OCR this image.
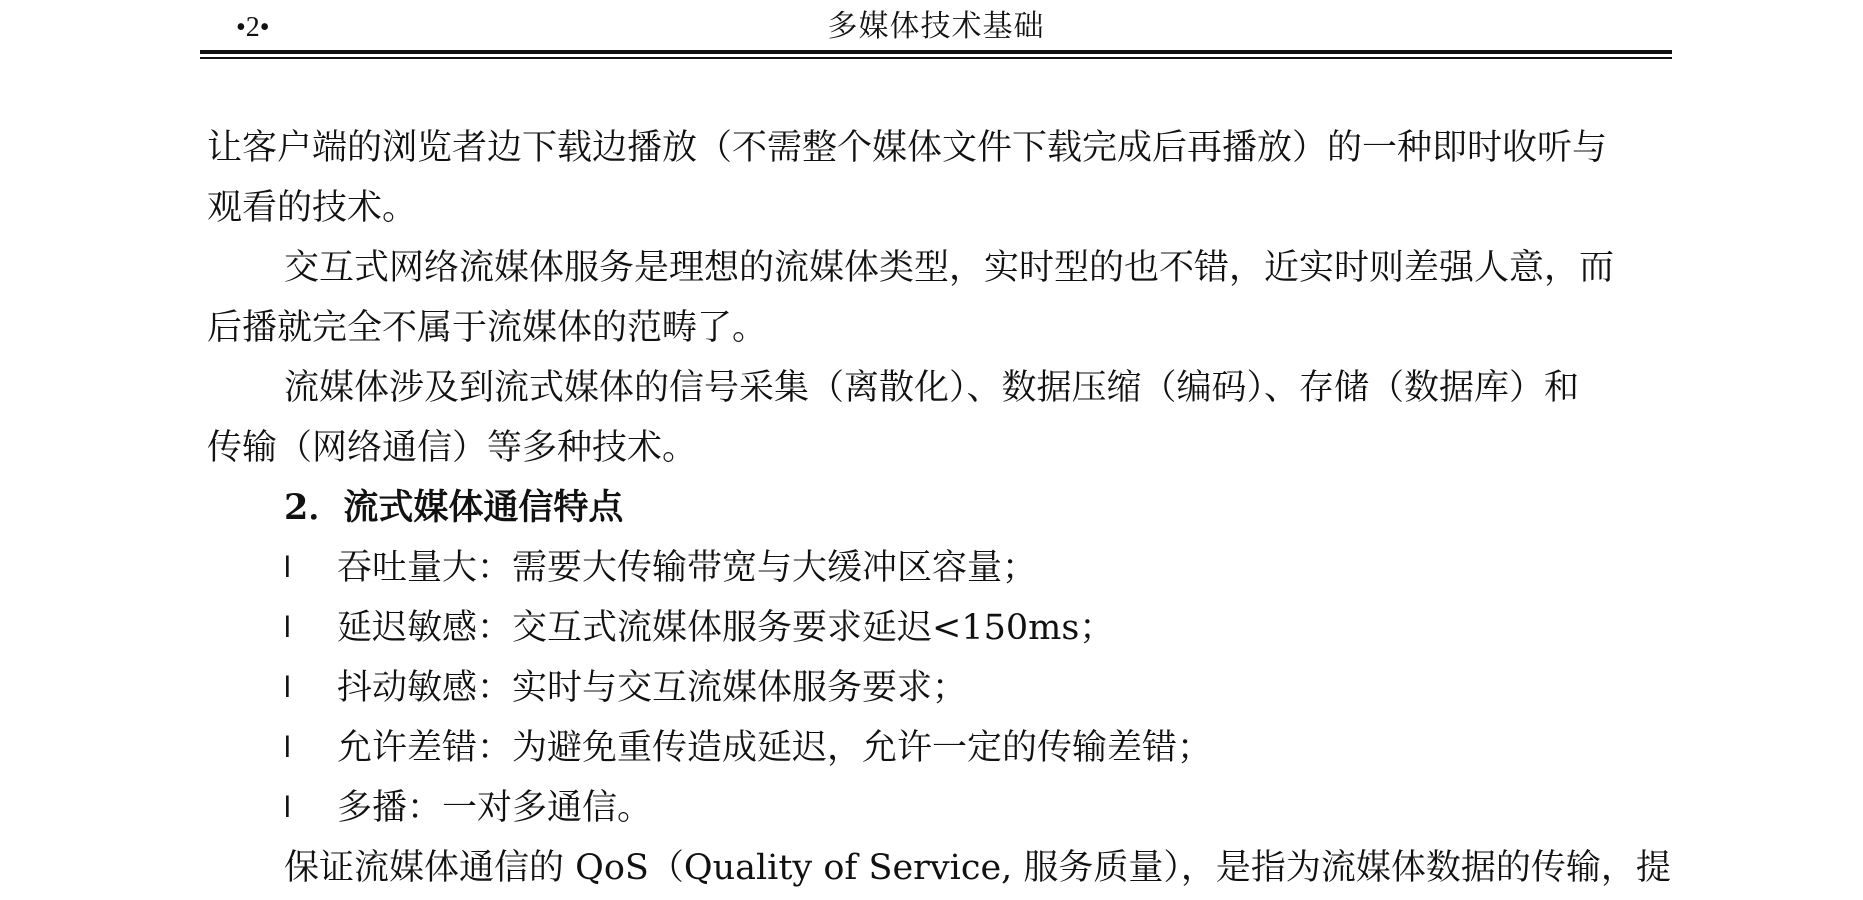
•2•	多媒体技术基础
让客户端的浏览者边下载边播放（不需整个媒体文件下载完成后再播放）的一种即时收听与
观看的技术。
交互式网络流媒体服务是理想的流媒体类型，实时型的也不错，近实时则差强人意，而
后播就完全不属于流媒体的范畴了。
流媒体涉及到流式媒体的信号采集（离散化）、数据压缩（编码）、存储（数据库）和
传输（网络通信）等多种技术。
2．流式媒体通信特点
l	吞吐量大：需要大传输带宽与大缓冲区容量；
l	延迟敏感：交互式流媒体服务要求延迟<150ms；
l	抖动敏感：实时与交互流媒体服务要求；
l	允许差错：为避免重传造成延迟，允许一定的传输差错；
l	多播：一对多通信。
保证流媒体通信的 QoS（Quality of Service, 服务质量），是指为流媒体数据的传输，提
